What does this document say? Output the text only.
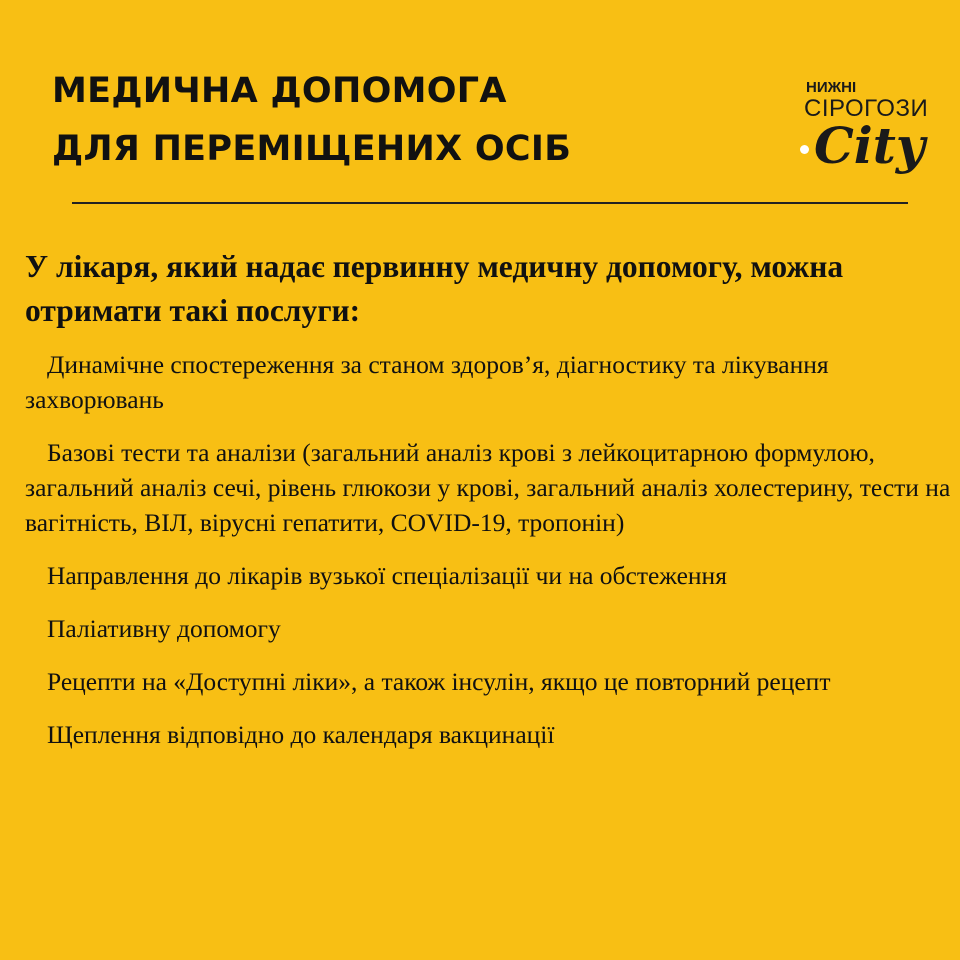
МЕДИЧНА ДОПОМОГА
ДЛЯ ПЕРЕМІЩЕНИХ ОСІБ
НИЖНІ
СІРОГОЗИ
City
У лікаря, який надає первинну медичну допомогу, можна отримати такі послуги:
Динамічне спостереження за станом здоров’я, діагностику та лікування захворювань
Базові тести та аналізи (загальний аналіз крові з лейкоцитарною формулою, загальний аналіз сечі, рівень глюкози у крові, загальний аналіз холестерину, тести на вагітність, ВІЛ, вірусні гепатити, COVID-19, тропонін)
Направлення до лікарів вузької спеціалізації чи на обстеження
Паліативну допомогу
Рецепти на «Доступні ліки», а також інсулін, якщо це повторний рецепт
Щеплення відповідно до календаря вакцинації
